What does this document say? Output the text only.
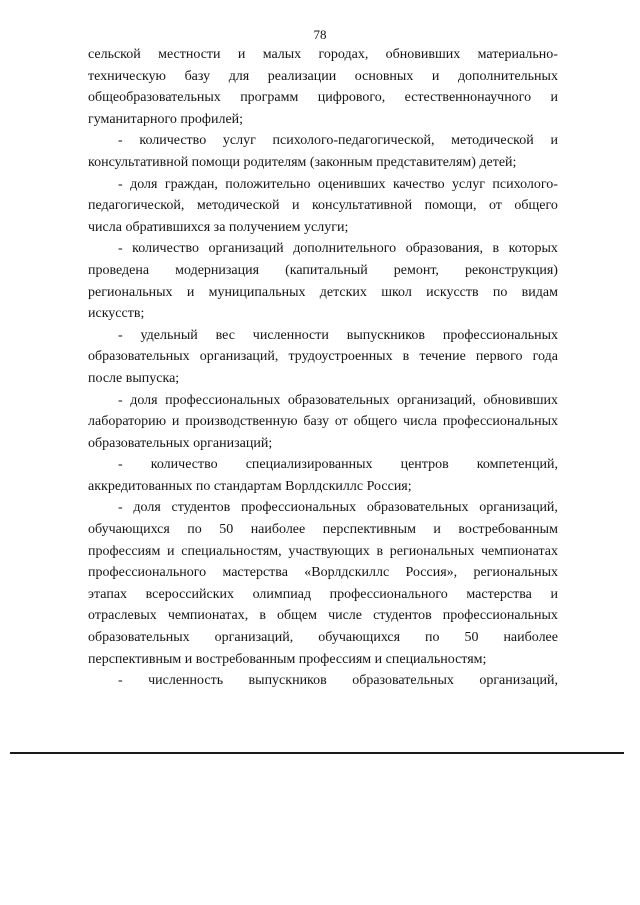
78
сельской местности и малых городах, обновивших материально-
техническую базу для реализации основных и дополнительных
общеобразовательных программ цифрового, естественнонаучного и
гуманитарного профилей;
- количество услуг психолого-педагогической, методической и
консультативной помощи родителям (законным представителям) детей;
- доля граждан, положительно оценивших качество услуг психолого-
педагогической, методической и консультативной помощи, от общего
числа обратившихся за получением услуги;
- количество организаций дополнительного образования, в которых
проведена модернизация (капитальный ремонт, реконструкция)
региональных и муниципальных детских школ искусств по видам
искусств;
- удельный вес численности выпускников профессиональных
образовательных организаций, трудоустроенных в течение первого года
после выпуска;
- доля профессиональных образовательных организаций, обновивших
лабораторию и производственную базу от общего числа профессиональных
образовательных организаций;
- количество специализированных центров компетенций,
аккредитованных по стандартам Ворлдскиллс Россия;
- доля студентов профессиональных образовательных организаций,
обучающихся по 50 наиболее перспективным и востребованным
профессиям и специальностям, участвующих в региональных чемпионатах
профессионального мастерства «Ворлдскиллс Россия», региональных
этапах всероссийских олимпиад профессионального мастерства и
отраслевых чемпионатах, в общем числе студентов профессиональных
образовательных организаций, обучающихся по 50 наиболее
перспективным и востребованным профессиям и специальностям;
- численность выпускников образовательных организаций,
